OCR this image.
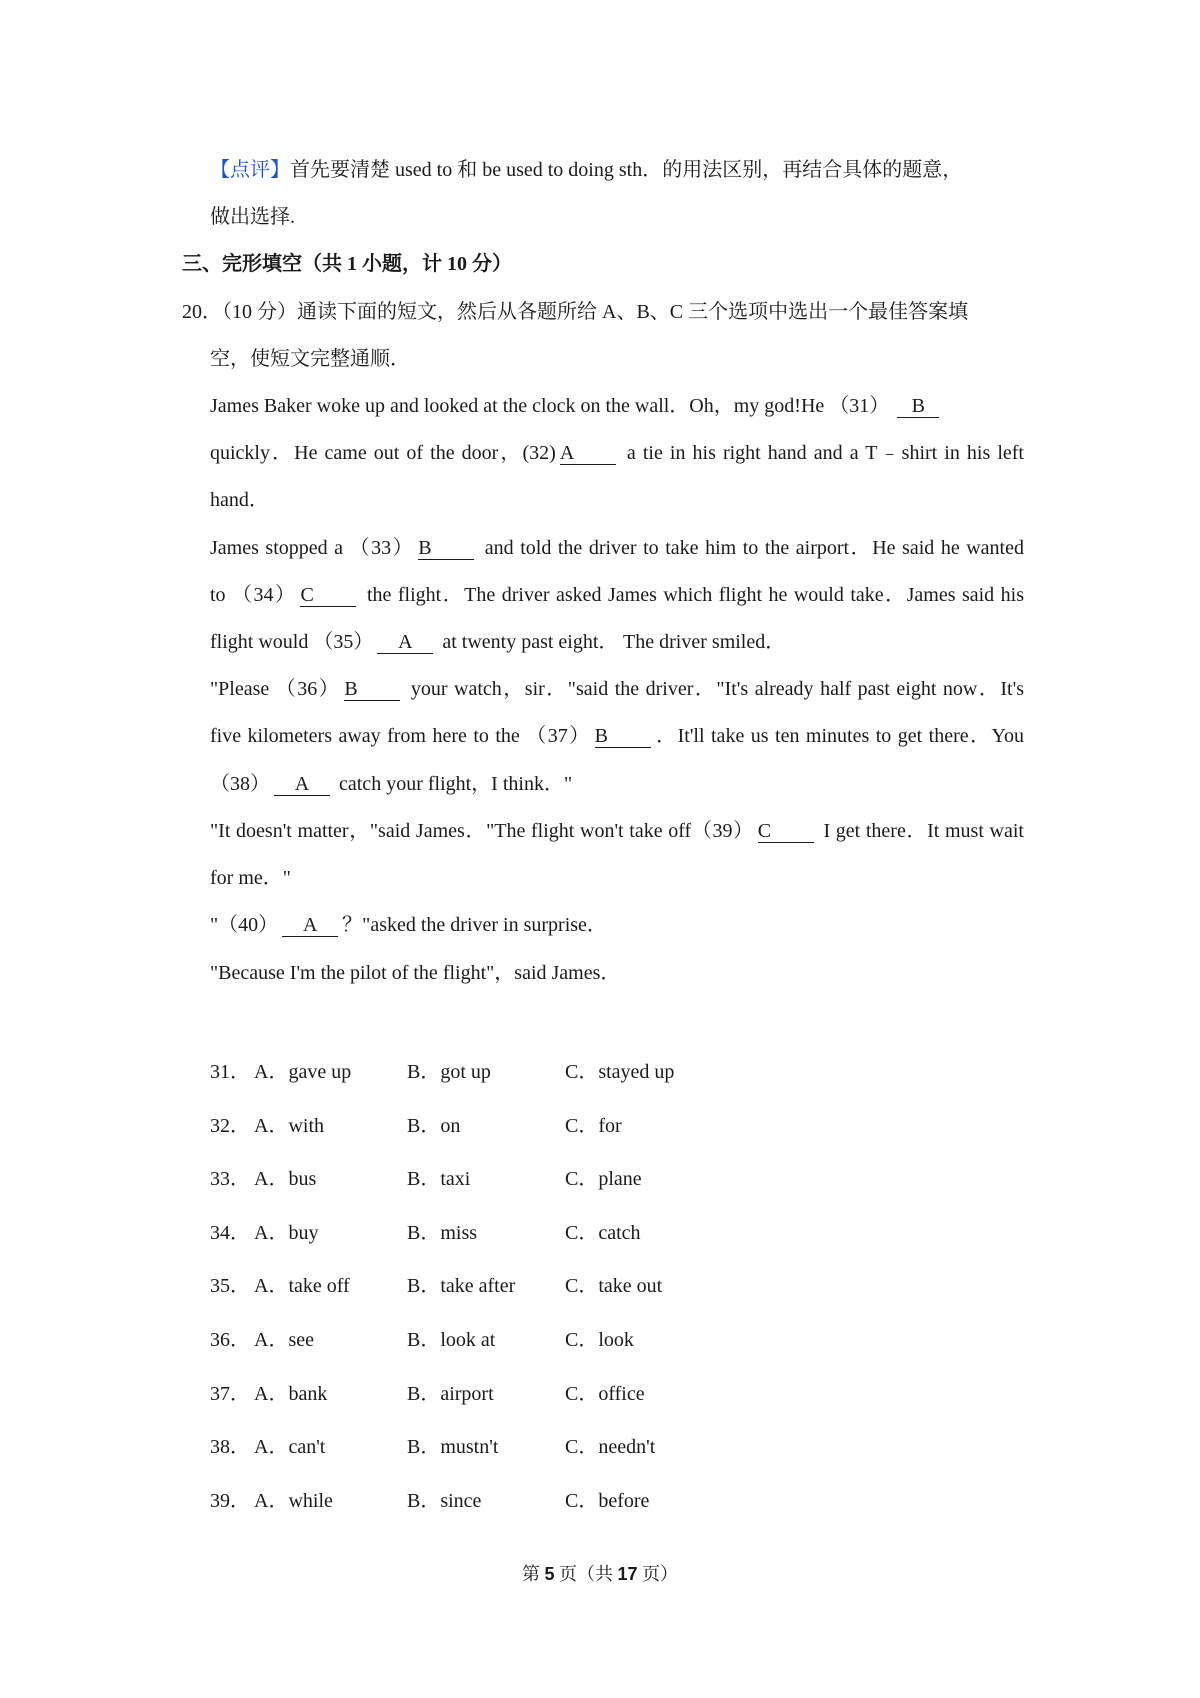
【点评】首先要清楚 used to 和 be used to doing sth．的用法区别，再结合具体的题意，
做出选择.
三、完形填空（共 1 小题，计 10 分）
20．（10 分）通读下面的短文，然后从各题所给 A、B、C 三个选项中选出一个最佳答案填
空，使短文完整通顺．
James Baker woke up and looked at the clock on the wall．Oh，my god!He （31） B
quickly．He came out of the door，(32) A	a tie in his right hand and a T﹣shirt in his left
hand．
James stopped a （33） B	and told the driver to take him to the airport．He said he wanted
to （34） C	the flight．The driver asked James which flight he would take．James said his
flight would （35） A at twenty past eight． The driver smiled．
"Please （36） B	your watch，sir．"said the driver．"It's already half past eight now．It's
five kilometers away from here to the （37） B ．It'll take us ten minutes to get there．You
（38） A catch your flight，I think．"
"It doesn't matter，"said James．"The flight won't take off（39） C	I get there．It must wait
for me．"
"（40） A ？"asked the driver in surprise．
"Because I'm the pilot of the flight"，said James．
31． A．gave up	B．got up	C．stayed up
32． A．with	B．on	C．for
33． A．bus	B．taxi	C．plane
34． A．buy	B．miss	C．catch
35． A．take off	B．take after C．take out
36． A．see	B．look at	C．look
37． A．bank	B．airport	C．office
38． A．can't	B．mustn't	C．needn't
39． A．while	B．since	C．before
第 5 页（共 17 页）
